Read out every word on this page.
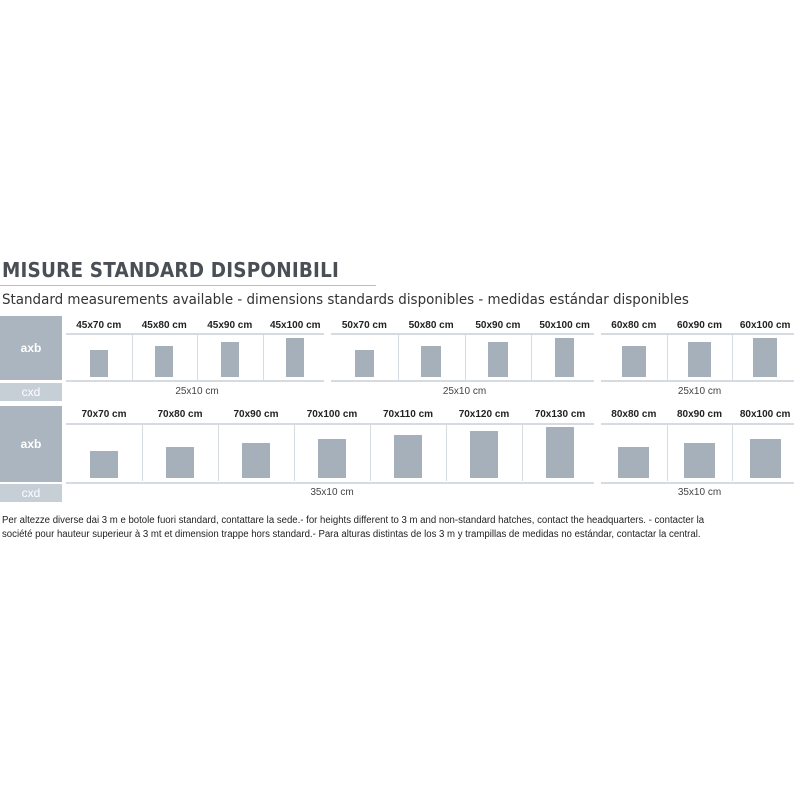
MISURE STANDARD DISPONIBILI
Standard measurements available - dimensions standards disponibles - medidas estándar disponibles
axb
cxd
45x70 cm	45x80 cm	45x90 cm	45x100 cm
25x10 cm
50x70 cm	50x80 cm	50x90 cm	50x100 cm
25x10 cm
60x80 cm	60x90 cm	60x100 cm
25x10 cm
axb
cxd
70x70 cm	70x80 cm	70x90 cm	70x100 cm	70x110 cm	70x120 cm	70x130 cm
35x10 cm
80x80 cm	80x90 cm	80x100 cm
35x10 cm
Per altezze diverse dai 3 m e botole fuori standard, contattare la sede.- for heights different to 3 m and non-standard hatches, contact the headquarters. - contacter la
société pour hauteur superieur à 3 mt et dimension trappe hors standard.- Para alturas distintas de los 3 m y trampillas de medidas no estándar, contactar la central.
